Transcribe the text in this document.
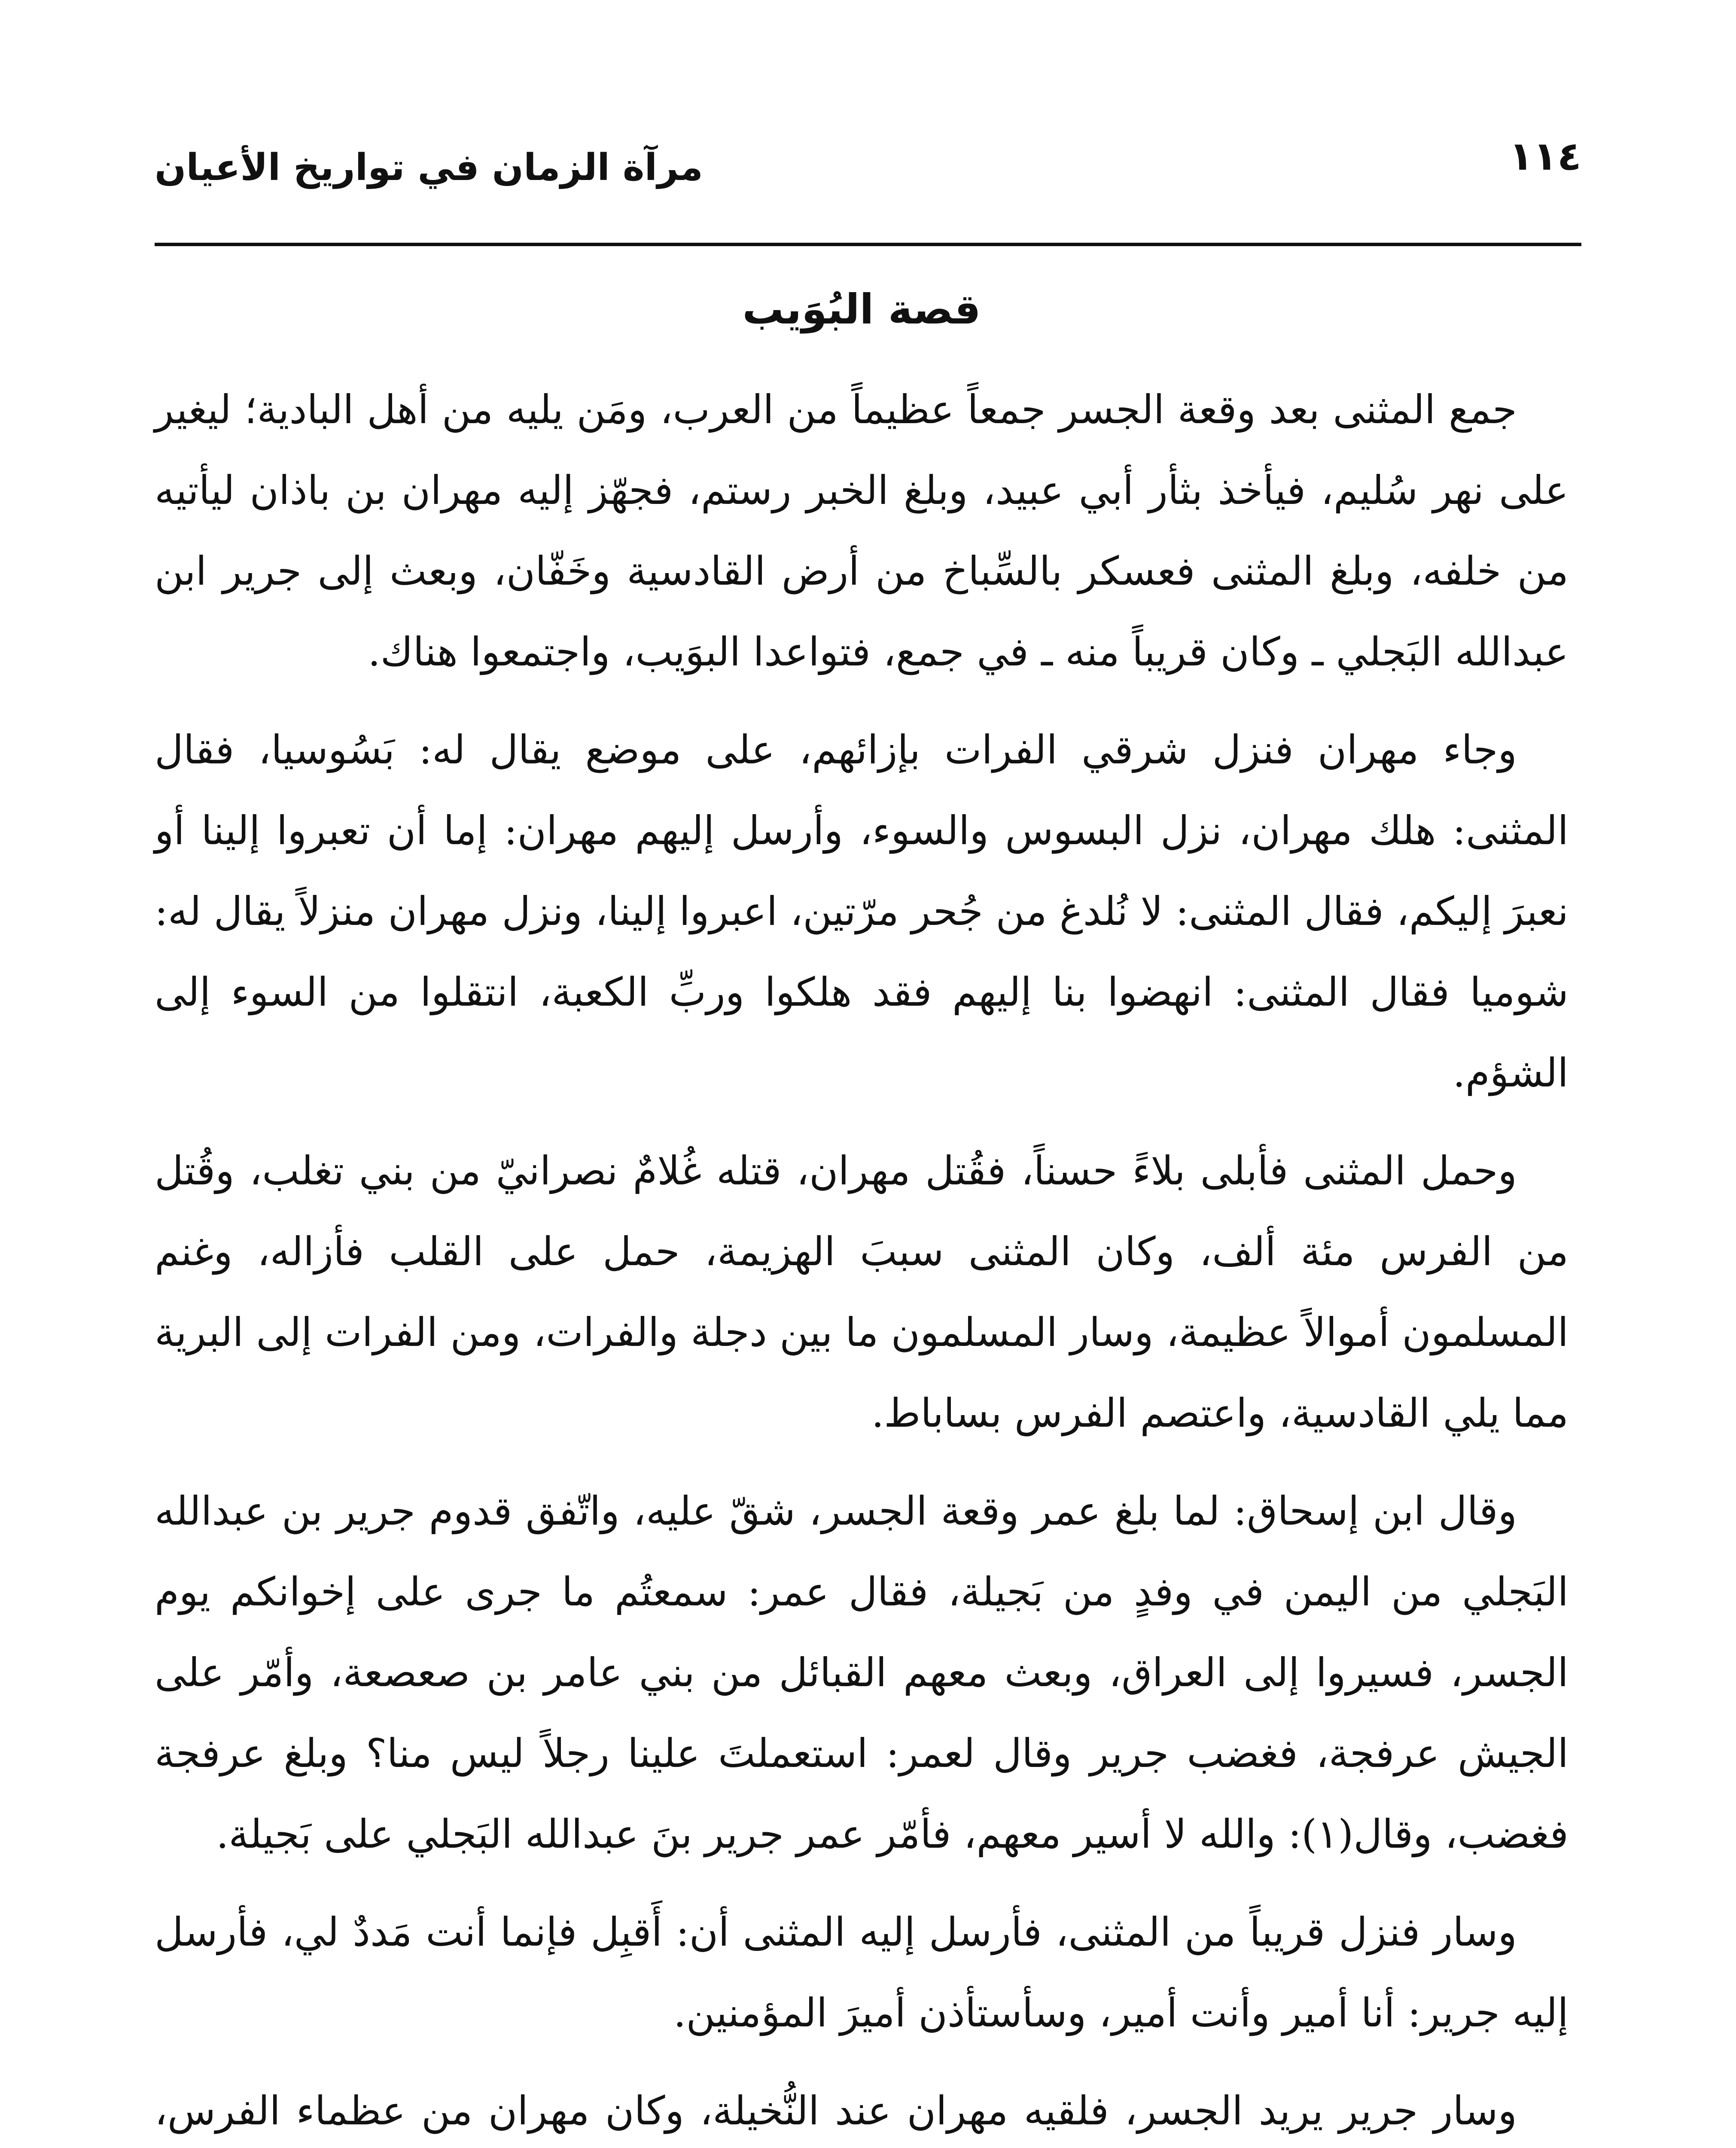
١١٤
مرآة الزمان في تواريخ الأعيان
قصة البُوَيب

جمع المثنى بعد وقعة الجسر جمعاً عظيماً من العرب، ومَن يليه من أهل البادية؛ ليغير على نهر سُليم، فيأخذ بثأر أبي عبيد، وبلغ الخبر رستم، فجهّز إليه مهران بن باذان ليأتيه من خلفه، وبلغ المثنى فعسكر بالسِّباخ من أرض القادسية وخَفّان، وبعث إلى جرير ابن عبدالله البَجلي ـ وكان قريباً منه ـ في جمع، فتواعدا البوَيب، واجتمعوا هناك.

وجاء مهران فنزل شرقي الفرات بإزائهم، على موضع يقال له: بَسُوسيا، فقال المثنى: هلك مهران، نزل البسوس والسوء، وأرسل إليهم مهران: إما أن تعبروا إلينا أو نعبرَ إليكم، فقال المثنى: لا نُلدغ من جُحر مرّتين، اعبروا إلينا، ونزل مهران منزلاً يقال له: شوميا فقال المثنى: انهضوا بنا إليهم فقد هلكوا وربِّ الكعبة، انتقلوا من السوء إلى الشؤم.

وحمل المثنى فأبلى بلاءً حسناً، فقُتل مهران، قتله غُلامٌ نصرانيّ من بني تغلب، وقُتل من الفرس مئة ألف، وكان المثنى سببَ الهزيمة، حمل على القلب فأزاله، وغنم المسلمون أموالاً عظيمة، وسار المسلمون ما بين دجلة والفرات، ومن الفرات إلى البرية مما يلي القادسية، واعتصم الفرس بساباط.

وقال ابن إسحاق: لما بلغ عمر وقعة الجسر، شقّ عليه، واتّفق قدوم جرير بن عبدالله البَجلي من اليمن في وفدٍ من بَجيلة، فقال عمر: سمعتُم ما جرى على إخوانكم يوم الجسر، فسيروا إلى العراق، وبعث معهم القبائل من بني عامر بن صعصعة، وأمّر على الجيش عرفجة، فغضب جرير وقال لعمر: استعملتَ علينا رجلاً ليس منا؟ وبلغ عرفجة فغضب، وقال(١): والله لا أسير معهم، فأمّر عمر جرير بنَ عبدالله البَجلي على بَجيلة.

وسار فنزل قريباً من المثنى، فأرسل إليه المثنى أن: أَقبِل فإنما أنت مَددٌ لي، فأرسل إليه جرير: أنا أمير وأنت أمير، وسأستأذن أميرَ المؤمنين.

وسار جرير يريد الجسر، فلقيه مهران عند النُّخيلة، وكان مهران من عظماء الفرس،
